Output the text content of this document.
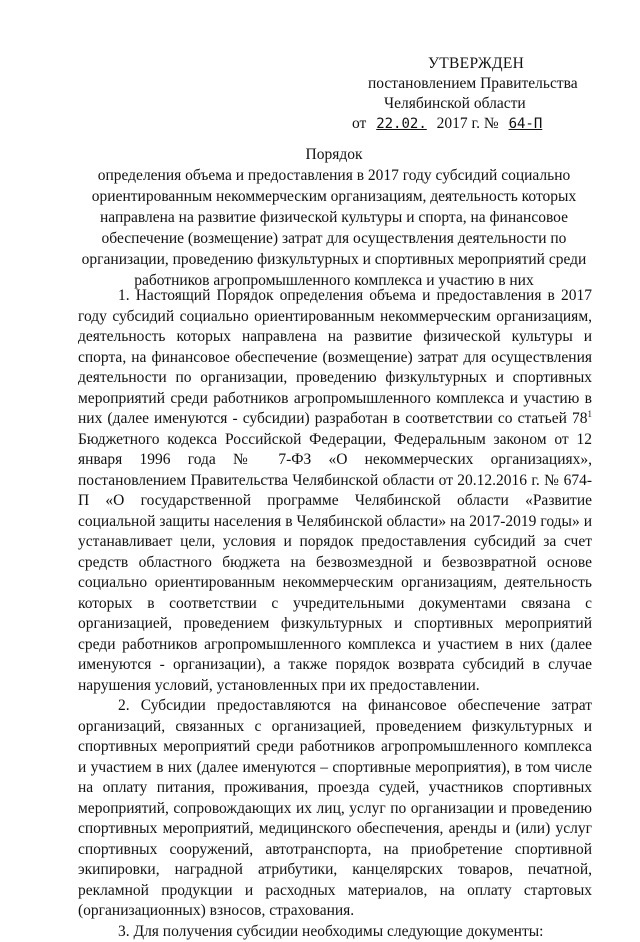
УТВЕРЖДЕН
постановлением Правительства
Челябинской области
от 22.02. 2017 г. № 64-П
Порядок
определения объема и предоставления в 2017 году субсидий социально ориентированным некоммерческим организациям, деятельность которых направлена на развитие физической культуры и спорта, на финансовое обеспечение (возмещение) затрат для осуществления деятельности по организации, проведению физкультурных и спортивных мероприятий среди работников агропромышленного комплекса и участию в них

1. Настоящий Порядок определения объема и предоставления в 2017 году субсидий социально ориентированным некоммерческим организациям, деятельность которых направлена на развитие физической культуры и спорта, на финансовое обеспечение (возмещение) затрат для осуществления деятельности по организации, проведению физкультурных и спортивных мероприятий среди работников агропромышленного комплекса и участию в них (далее именуются - субсидии) разработан в соответствии со статьей $78^1$ Бюджетного кодекса Российской Федерации, Федеральным законом от 12 января 1996 года № 7-ФЗ «О некоммерческих организациях», постановлением Правительства Челябинской области от 20.12.2016 г. № 674-П «О государственной программе Челябинской области «Развитие социальной защиты населения в Челябинской области» на 2017-2019 годы» и устанавливает цели, условия и порядок предоставления субсидий за счет средств областного бюджета на безвозмездной и безвозвратной основе социально ориентированным некоммерческим организациям, деятельность которых в соответствии с учредительными документами связана с организацией, проведением физкультурных и спортивных мероприятий среди работников агропромышленного комплекса и участием в них (далее именуются - организации), а также порядок возврата субсидий в случае нарушения условий, установленных при их предоставлении.

2. Субсидии предоставляются на финансовое обеспечение затрат организаций, связанных с организацией, проведением физкультурных и спортивных мероприятий среди работников агропромышленного комплекса и участием в них (далее именуются – спортивные мероприятия), в том числе на оплату питания, проживания, проезда судей, участников спортивных мероприятий, сопровождающих их лиц, услуг по организации и проведению спортивных мероприятий, медицинского обеспечения, аренды и (или) услуг спортивных сооружений, автотранспорта, на приобретение спортивной экипировки, наградной атрибутики, канцелярских товаров, печатной, рекламной продукции и расходных материалов, на оплату стартовых (организационных) взносов, страхования.

3. Для получения субсидии необходимы следующие документы:
